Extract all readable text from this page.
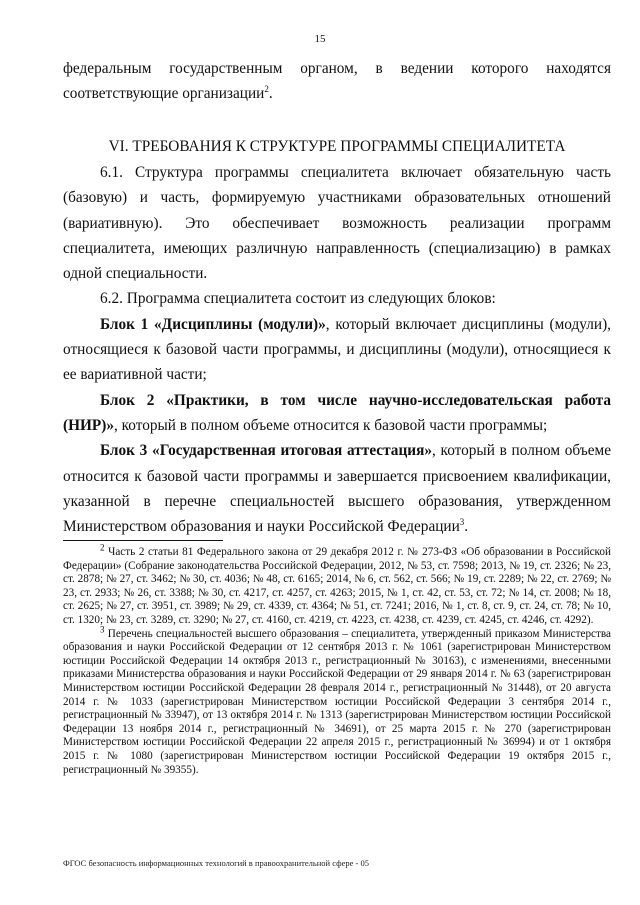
15

федеральным государственным органом, в ведении которого находятся соответствующие организации$^2$.

VI. ТРЕБОВАНИЯ К СТРУКТУРЕ ПРОГРАММЫ СПЕЦИАЛИТЕТА

6.1. Структура программы специалитета включает обязательную часть (базовую) и часть, формируемую участниками образовательных отношений (вариативную). Это обеспечивает возможность реализации программ специалитета, имеющих различную направленность (специализацию) в рамках одной специальности.

6.2. Программа специалитета состоит из следующих блоков:

Блок 1 «Дисциплины (модули)», который включает дисциплины (модули), относящиеся к базовой части программы, и дисциплины (модули), относящиеся к ее вариативной части;

Блок 2 «Практики, в том числе научно-исследовательская работа (НИР)», который в полном объеме относится к базовой части программы;

Блок 3 «Государственная итоговая аттестация», который в полном объеме относится к базовой части программы и завершается присвоением квалификации, указанной в перечне специальностей высшего образования, утвержденном Министерством образования и науки Российской Федерации$^3$.

$^2$ Часть 2 статьи 81 Федерального закона от 29 декабря 2012 г. № 273-ФЗ «Об образовании в Российской Федерации» (Собрание законодательства Российской Федерации, 2012, № 53, ст. 7598; 2013, № 19, ст. 2326; № 23, ст. 2878; № 27, ст. 3462; № 30, ст. 4036; № 48, ст. 6165; 2014, № 6, ст. 562, ст. 566; № 19, ст. 2289; № 22, ст. 2769; № 23, ст. 2933; № 26, ст. 3388; № 30, ст. 4217, ст. 4257, ст. 4263; 2015, № 1, ст. 42, ст. 53, ст. 72; № 14, ст. 2008; № 18, ст. 2625; № 27, ст. 3951, ст. 3989; № 29, ст. 4339, ст. 4364; № 51, ст. 7241; 2016, № 1, ст. 8, ст. 9, ст. 24, ст. 78; № 10, ст. 1320; № 23, ст. 3289, ст. 3290; № 27, ст. 4160, ст. 4219, ст. 4223, ст. 4238, ст. 4239, ст. 4245, ст. 4246, ст. 4292).

$^3$ Перечень специальностей высшего образования – специалитета, утвержденный приказом Министерства образования и науки Российской Федерации от 12 сентября 2013 г. № 1061 (зарегистрирован Министерством юстиции Российской Федерации 14 октября 2013 г., регистрационный № 30163), с изменениями, внесенными приказами Министерства образования и науки Российской Федерации от 29 января 2014 г. № 63 (зарегистрирован Министерством юстиции Российской Федерации 28 февраля 2014 г., регистрационный № 31448), от 20 августа 2014 г. № 1033 (зарегистрирован Министерством юстиции Российской Федерации 3 сентября 2014 г., регистрационный № 33947), от 13 октября 2014 г. № 1313 (зарегистрирован Министерством юстиции Российской Федерации 13 ноября 2014 г., регистрационный № 34691), от 25 марта 2015 г. № 270 (зарегистрирован Министерством юстиции Российской Федерации 22 апреля 2015 г., регистрационный № 36994) и от 1 октября 2015 г. № 1080 (зарегистрирован Министерством юстиции Российской Федерации 19 октября 2015 г., регистрационный № 39355).

ФГОС безопасность информационных технологий в правоохранительной сфере - 05
